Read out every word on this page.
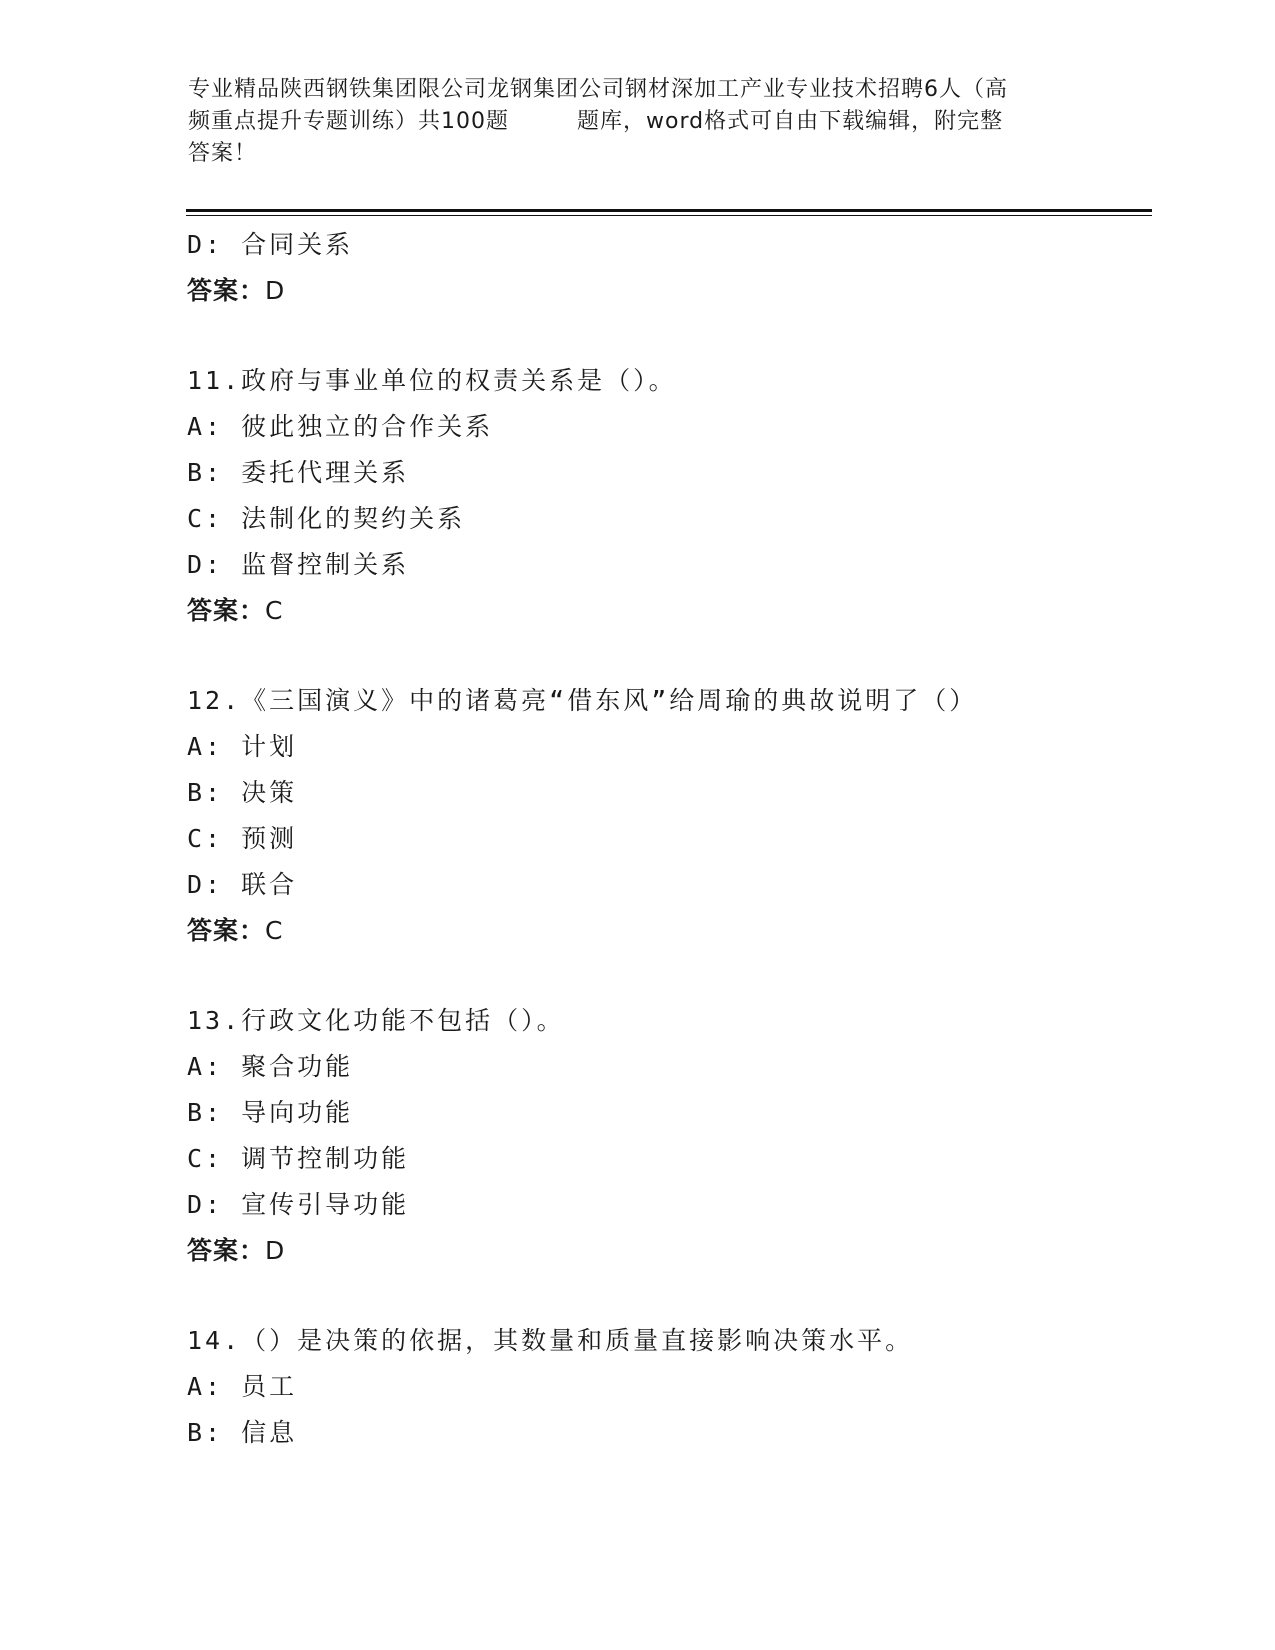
专业精品陕西钢铁集团限公司龙钢集团公司钢材深加工产业专业技术招聘6人（高
频重点提升专题训练）共100题	题库，word格式可自由下载编辑，附完整
答案！
D: 合同关系
答案：D
11.政府与事业单位的权责关系是（）。
A: 彼此独立的合作关系
B: 委托代理关系
C: 法制化的契约关系
D: 监督控制关系
答案：C
12.《三国演义》中的诸葛亮“借东风”给周瑜的典故说明了（）
A: 计划
B: 决策
C: 预测
D: 联合
答案：C
13.行政文化功能不包括（）。
A: 聚合功能
B: 导向功能
C: 调节控制功能
D: 宣传引导功能
答案：D
14.（）是决策的依据，其数量和质量直接影响决策水平。
A: 员工
B: 信息
